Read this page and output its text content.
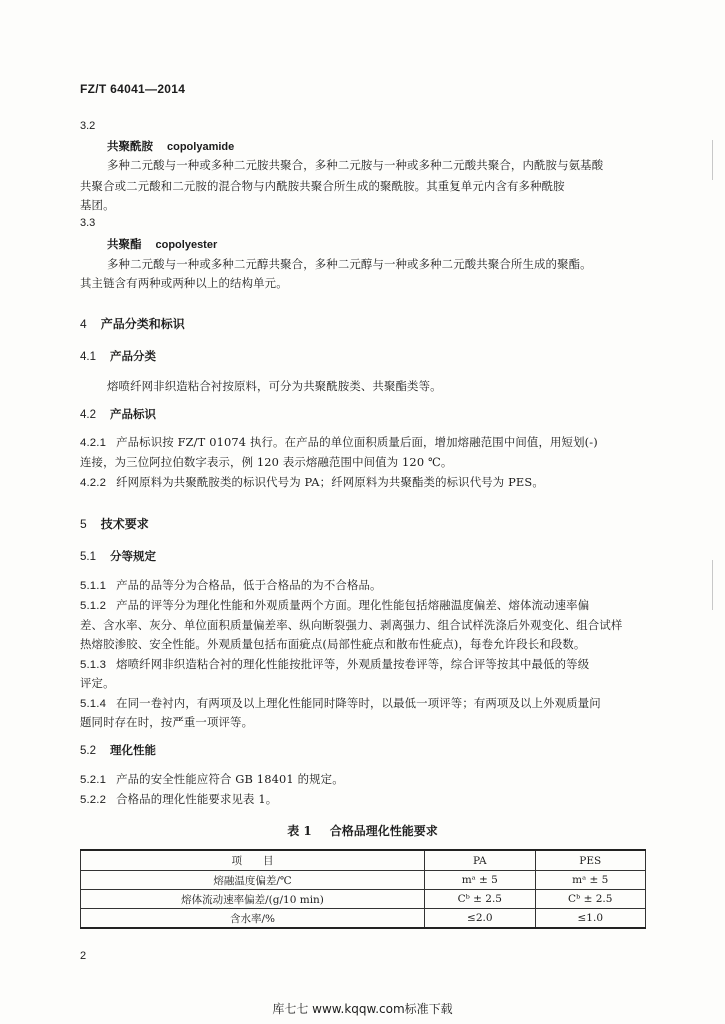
FZ/T 64041—2014
3.2
共聚酰胺 copolyamide
多种二元酸与一种或多种二元胺共聚合，多种二元胺与一种或多种二元酸共聚合，内酰胺与氨基酸
共聚合或二元酸和二元胺的混合物与内酰胺共聚合所生成的聚酰胺。其重复单元内含有多种酰胺
基团。
3.3
共聚酯 copolyester
多种二元酸与一种或多种二元醇共聚合，多种二元醇与一种或多种二元酸共聚合所生成的聚酯。
其主链含有两种或两种以上的结构单元。
4 产品分类和标识
4.1 产品分类
熔喷纤网非织造粘合衬按原料，可分为共聚酰胺类、共聚酯类等。
4.2 产品标识
4.2.1 产品标识按 FZ/T 01074 执行。在产品的单位面积质量后面，增加熔融范围中间值，用短划(-)
连接，为三位阿拉伯数字表示，例 120 表示熔融范围中间值为 120 ℃。
4.2.2 纤网原料为共聚酰胺类的标识代号为 PA；纤网原料为共聚酯类的标识代号为 PES。
5 技术要求
5.1 分等规定
5.1.1 产品的品等分为合格品，低于合格品的为不合格品。
5.1.2 产品的评等分为理化性能和外观质量两个方面。理化性能包括熔融温度偏差、熔体流动速率偏
差、含水率、灰分、单位面积质量偏差率、纵向断裂强力、剥离强力、组合试样洗涤后外观变化、组合试样
热熔胶渗胶、安全性能。外观质量包括布面疵点(局部性疵点和散布性疵点)，每卷允许段长和段数。
5.1.3 熔喷纤网非织造粘合衬的理化性能按批评等，外观质量按卷评等，综合评等按其中最低的等级
评定。
5.1.4 在同一卷衬内，有两项及以上理化性能同时降等时，以最低一项评等；有两项及以上外观质量问
题同时存在时，按严重一项评等。
5.2 理化性能
5.2.1 产品的安全性能应符合 GB 18401 的规定。
5.2.2 合格品的理化性能要求见表 1。
表 1 合格品理化性能要求
项　　目	PA	PES
熔融温度偏差/℃	mᵃ ± 5	mᵃ ± 5
熔体流动速率偏差/(g/10 min)	Cᵇ ± 2.5	Cᵇ ± 2.5
含水率/%	≤2.0	≤1.0
2
库七七 www.kqqw.com标准下载
